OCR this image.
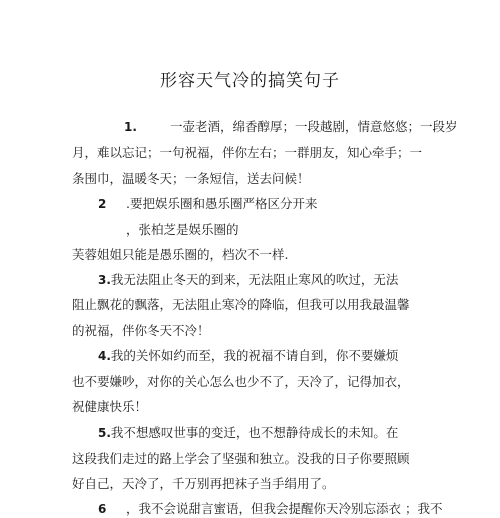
形容天气冷的搞笑句子
1.	一壶老酒，绵香醇厚；一段越剧，情意悠悠；一段岁
月，难以忘记；一句祝福，伴你左右；一群朋友，知心牵手；一
条围巾，温暖冬天；一条短信，送去问候！
2 .要把娱乐圈和愚乐圈严格区分开来
，张柏芝是娱乐圈的
芙蓉姐姐只能是愚乐圈的，档次不一样.
3.我无法阻止冬天的到来，无法阻止寒风的吹过，无法
阻止飘花的飘落，无法阻止寒冷的降临，但我可以用我最温馨
的祝福，伴你冬天不冷！
4.我的关怀如约而至，我的祝福不请自到，你不要嫌烦
也不要嫌吵，对你的关心怎么也少不了，天冷了，记得加衣，
祝健康快乐！
5.我不想感叹世事的变迁，也不想静待成长的未知。在
这段我们走过的路上学会了坚强和独立。没我的日子你要照顾
好自己，天冷了，千万别再把袜子当手绢用了。
6 ，我不会说甜言蜜语，但我会提醒你天冷别忘添衣 ；我不
